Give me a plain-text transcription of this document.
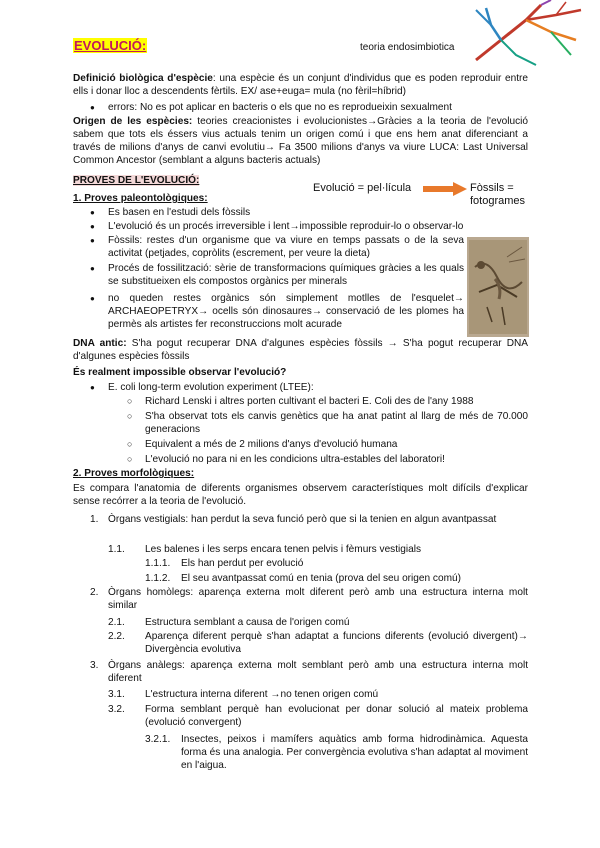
EVOLUCIÓ:	teoria endosimbiotica
Definició biològica d'espècie: una espècie és un conjunt d'individus que es poden reproduir entre ells i donar lloc a descendents fèrtils. EX/ ase+euga= mula (no fèril=híbrid)
● errors: No es pot aplicar en bacteris o els que no es reprodueixin sexualment
Origen de les espècies: teories creacionistes i evolucionistes→Gràcies a la teoria de l'evolució sabem que tots els éssers vius actuals tenim un origen comú i que ens hem anat diferenciant a través de milions d'anys de canvi evolutiu→ Fa 3500 milions d'anys va viure LUCA: Last Universal Common Ancestor (semblant a alguns bacteris actuals)
PROVES DE L'EVOLUCIÓ:
Evolució = pel·lícula	Fòssils = fotogrames
1. Proves paleontològiques:
● Es basen en l'estudi dels fòssils
● L'evolució és un procés irreversible i lent→impossible reproduir-lo o observar-lo
● Fòssils: restes d'un organisme que va viure en temps passats o de la seva activitat (petjades, copròlits (escrement, per veure la dieta)
● Procés de fossilització: sèrie de transformacions químiques gràcies a les quals se substitueixen els compostos orgànics per minerals
● no queden restes orgànics són simplement motlles de l'esquelet→ ARCHAEOPETRYX→ ocells són dinosaures→ conservació de les plomes ha permès als artistes fer reconstruccions molt acurade
DNA antic: S'ha pogut recuperar DNA d'algunes espècies fòssils → S'ha pogut recuperar DNA d'algunes espècies fòssils
És realment impossible observar l'evolució?
● E. coli long-term evolution experiment (LTEE):
○ Richard Lenski i altres porten cultivant el bacteri E. Coli des de l'any 1988
○ S'ha observat tots els canvis genètics que ha anat patint al llarg de més de 70.000 generacions
○ Equivalent a més de 2 milions d'anys d'evolució humana
○ L'evolució no para ni en les condicions ultra-estables del laboratori!
2. Proves morfològiques:
Es compara l'anatomia de diferents organismes observem característiques molt difícils d'explicar sense recórrer a la teoria de l'evolució.
1. Òrgans vestigials: han perdut la seva funció però que si la tenien en algun avantpassat
1.1. Les balenes i les serps encara tenen pelvis i fèmurs vestigials
1.1.1. Els han perdut per evolució
1.1.2. El seu avantpassat comú en tenia (prova del seu origen comú)
2. Òrgans homòlegs: aparença externa molt diferent però amb una estructura interna molt similar
2.1. Estructura semblant a causa de l'origen comú
2.2. Aparença diferent perquè s'han adaptat a funcions diferents (evolució divergent)→ Divergència evolutiva
3. Òrgans anàlegs: aparença externa molt semblant però amb una estructura interna molt diferent
3.1. L'estructura interna diferent →no tenen origen comú
3.2. Forma semblant perquè han evolucionat per donar solució al mateix problema (evolució convergent)
3.2.1. Insectes, peixos i mamífers aquàtics amb forma hidrodinàmica. Aquesta forma és una analogia. Per convergència evolutiva s'han adaptat al moviment en l'aigua.
